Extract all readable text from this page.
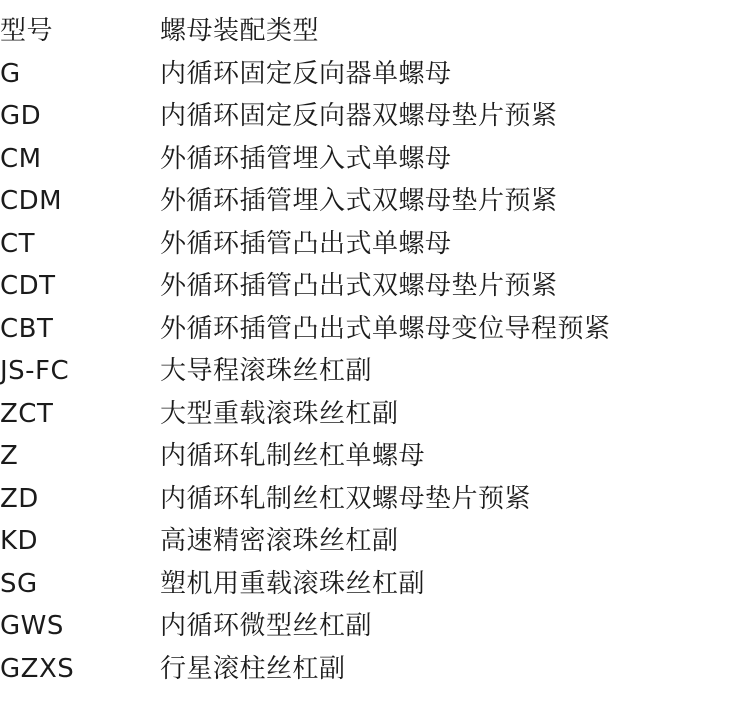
型号	螺母装配类型
G	内循环固定反向器单螺母
GD	内循环固定反向器双螺母垫片预紧
CM	外循环插管埋入式单螺母
CDM	外循环插管埋入式双螺母垫片预紧
CT	外循环插管凸出式单螺母
CDT	外循环插管凸出式双螺母垫片预紧
CBT	外循环插管凸出式单螺母变位导程预紧
JS-FC	大导程滚珠丝杠副
ZCT	大型重载滚珠丝杠副
Z	内循环轧制丝杠单螺母
ZD	内循环轧制丝杠双螺母垫片预紧
KD	高速精密滚珠丝杠副
SG	塑机用重载滚珠丝杠副
GWS	内循环微型丝杠副
GZXS	行星滚柱丝杠副
